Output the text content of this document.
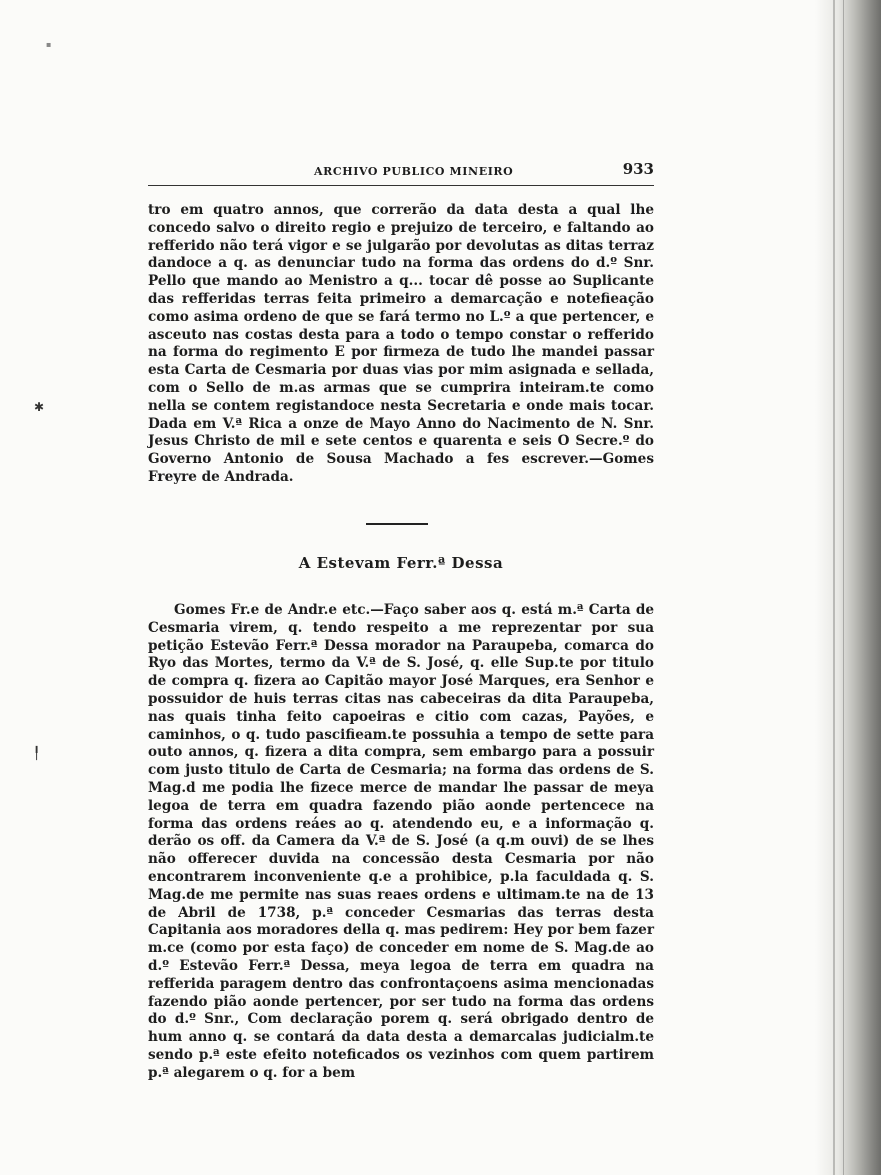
▪
ARCHIVO PUBLICO MINEIRO	933

tro em quatro annos, que correrão da data desta a qual lhe concedo salvo o direito regio e prejuizo de terceiro, e faltando ao refferido não terá vigor e se julgarão por devolutas as ditas terraz dandoce a q. as denunciar tudo na forma das ordens do d.º Snr. Pello que mando ao Menistro a q... tocar dê posse ao Suplicante das refferidas terras feita primeiro a demarcação e notefieação como asima ordeno de que se fará termo no L.º a que pertencer, e asceuto nas costas desta para a todo o tempo constar o refferido na forma do regimento E por firmeza de tudo lhe mandei passar esta Carta de Cesmaria por duas vias por mim asignada e sellada, com o Sello de m.as armas que se cumprira inteiram.te como nella se contem registandoce nesta Secretaria e onde mais tocar. Dada em V.ª Rica a onze de Mayo Anno do Nacimento de N. Snr. Jesus Christo de mil e sete centos e quarenta e seis O Secre.º do Governo Antonio de Sousa Machado a fes escrever.—Gomes Freyre de Andrada.

✱
A Estevam Ferr.ª Dessa

Gomes Fr.e de Andr.e etc.—Faço saber aos q. está m.ª Carta de Cesmaria virem, q. tendo respeito a me reprezentar por sua petição Estevão Ferr.ª Dessa morador na Paraupeba, comarca do Ryo das Mortes, termo da V.ª de S. José, q. elle Sup.te por titulo de compra q. fizera ao Capitão mayor José Marques, era Senhor e possuidor de huis terras citas nas cabeceiras da dita Paraupeba, nas quais tinha feito capoeiras e citio com cazas, Payões, e caminhos, o q. tudo pascifieam.te possuhia a tempo de sette para outo annos, q. fizera a dita compra, sem embargo para a possuir com justo titulo de Carta de Cesmaria; na forma das ordens de S. Mag.d me podia lhe fizece merce de mandar lhe passar de meya legoa de terra em quadra fazendo pião aonde pertencece na forma das ordens reáes ao q. atendendo eu, e a informação q. derão os off. da Camera da V.ª de S. José (a q.m ouvi) de se lhes não offerecer duvida na concessão desta Cesmaria por não encontrarem inconveniente q.e a prohibice, p.la faculdada q. S. Mag.de me permite nas suas reaes ordens e ultimam.te na de 13 de Abril de 1738, p.ª conceder Cesmarias das terras desta Capitania aos moradores della q. mas pedirem: Hey por bem fazer m.ce (como por esta faço) de conceder em nome de S. Mag.de ao d.º Estevão Ferr.ª Dessa, meya legoa de terra em quadra na refferida paragem dentro das confrontaçoens asima mencionadas fazendo pião aonde pertencer, por ser tudo na forma das ordens do d.º Snr., Com declaração porem q. será obrigado dentro de hum anno q. se contará da data desta a demarcalas judicialm.te sendo p.ª este efeito noteficados os vezinhos com quem partirem p.ª alegarem o q. for a bem

╿
